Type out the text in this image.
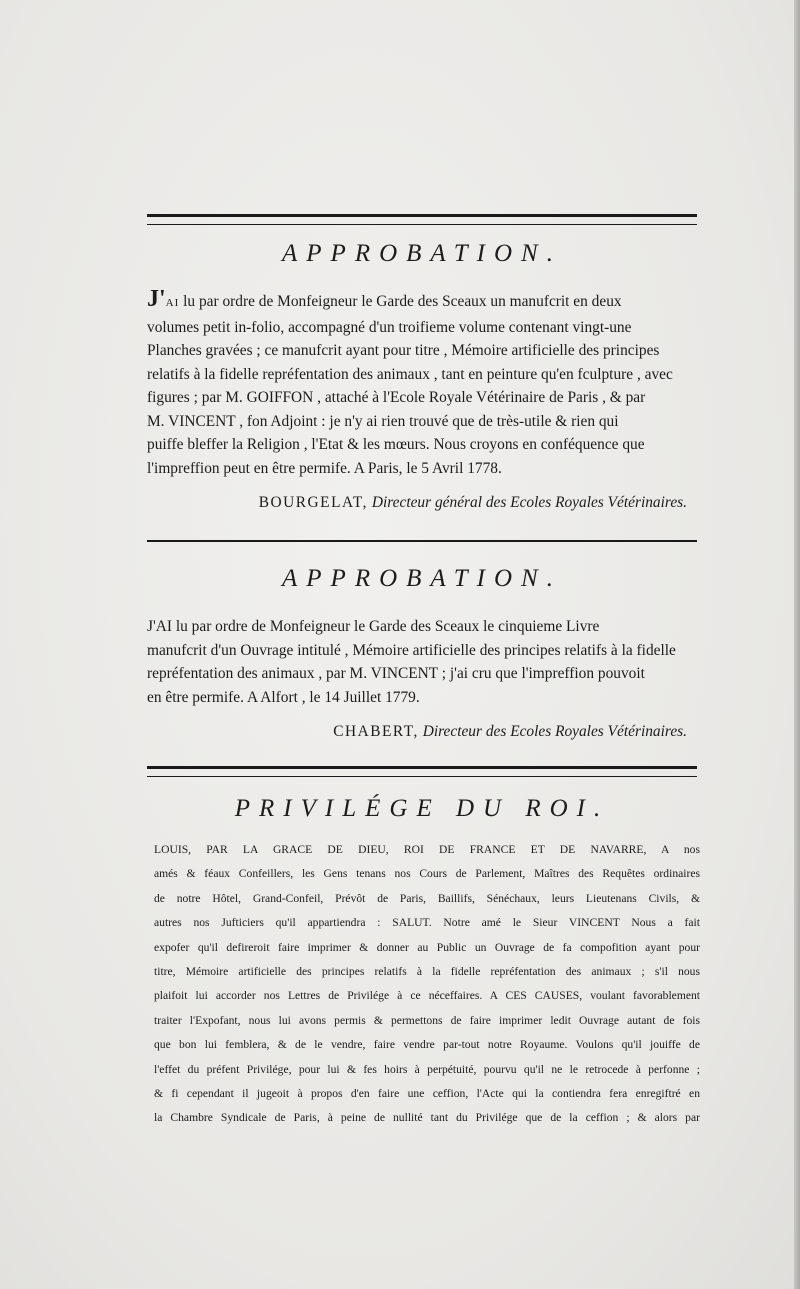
APPROBATION.
J'AI lu par ordre de Monfeigneur le Garde des Sceaux un manufcrit en deux
volumes petit in-folio, accompagné d'un troifieme volume contenant vingt-une
Planches gravées ; ce manufcrit ayant pour titre , Mémoire artificielle des principes
relatifs à la fidelle repréfentation des animaux , tant en peinture qu'en fculpture , avec
figures ; par M. GOIFFON , attaché à l'Ecole Royale Vétérinaire de Paris , & par
M. VINCENT , fon Adjoint : je n'y ai rien trouvé que de très-utile & rien qui
puiffe bleffer la Religion , l'Etat & les mœurs. Nous croyons en conféquence que
l'impreffion peut en être permife. A Paris, le 5 Avril 1778.
BOURGELAT, Directeur général des Ecoles Royales Vétérinaires.
APPROBATION.
J'AI lu par ordre de Monfeigneur le Garde des Sceaux le cinquieme Livre
manufcrit d'un Ouvrage intitulé , Mémoire artificielle des principes relatifs à la fidelle
repréfentation des animaux , par M. VINCENT ; j'ai cru que l'impreffion pouvoit
en être permife. A Alfort , le 14 Juillet 1779.
CHABERT, Directeur des Ecoles Royales Vétérinaires.
PRIVILÉGE DU ROI.
LOUIS, PAR LA GRACE DE DIEU, ROI DE FRANCE ET DE NAVARRE, A nos
amés & féaux Confeillers, les Gens tenans nos Cours de Parlement, Maîtres des Requêtes ordinaires
de notre Hôtel, Grand-Confeil, Prévôt de Paris, Baillifs, Sénéchaux, leurs Lieutenans Civils, &
autres nos Jufticiers qu'il appartiendra : SALUT. Notre amé le Sieur VINCENT Nous a fait
expofer qu'il defireroit faire imprimer & donner au Public un Ouvrage de fa compofition ayant pour
titre, Mémoire artificielle des principes relatifs à la fidelle repréfentation des animaux ; s'il nous
plaifoit lui accorder nos Lettres de Privilége à ce néceffaires. A CES CAUSES, voulant favorablement
traiter l'Expofant, nous lui avons permis & permettons de faire imprimer ledit Ouvrage autant de fois
que bon lui femblera, & de le vendre, faire vendre par-tout notre Royaume. Voulons qu'il jouiffe de
l'effet du préfent Privilége, pour lui & fes hoirs à perpétuité, pourvu qu'il ne le retrocede à perfonne ;
& fi cependant il jugeoit à propos d'en faire une ceffion, l'Acte qui la contiendra fera enregiftré en
la Chambre Syndicale de Paris, à peine de nullité tant du Privilége que de la ceffion ; & alors par
